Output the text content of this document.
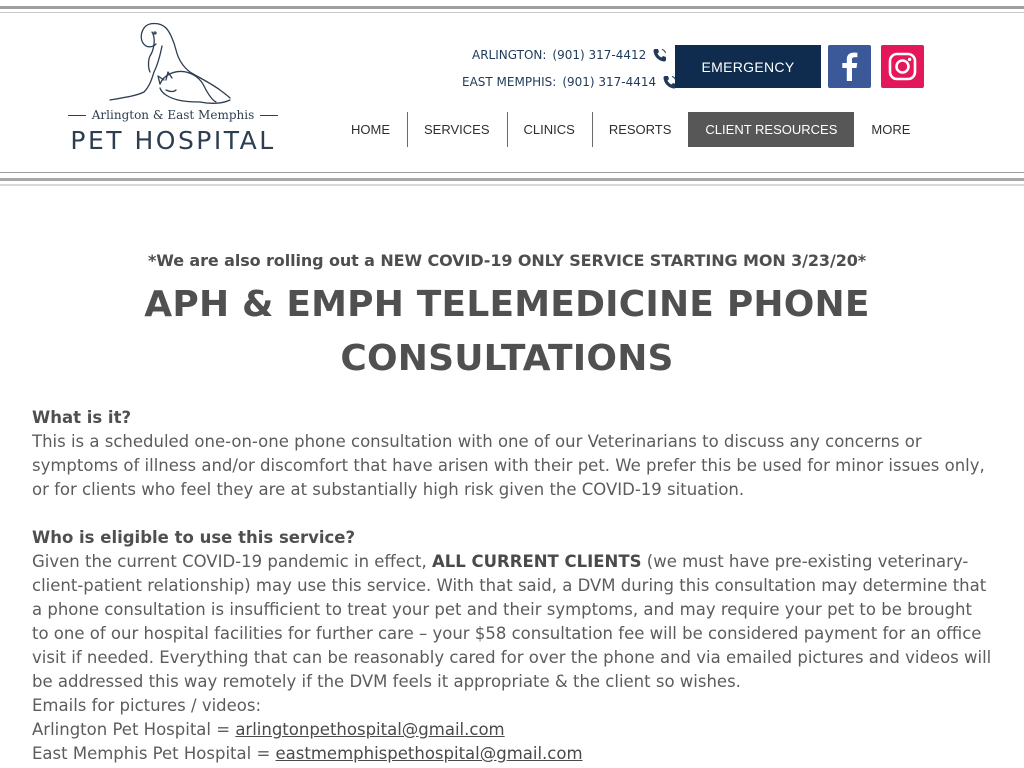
Arlington & East Memphis
PET HOSPITAL
ARLINGTON: (901) 317-4412
EAST MEMPHIS: (901) 317-4414
EMERGENCY
HOME	SERVICES	CLINICS	RESORTS	CLIENT RESOURCES	MORE
*We are also rolling out a NEW COVID-19 ONLY SERVICE STARTING MON 3/23/20*
APH & EMPH TELEMEDICINE PHONE
CONSULTATIONS
What is it?
This is a scheduled one-on-one phone consultation with one of our Veterinarians to discuss any concerns or symptoms of illness and/or discomfort that have arisen with their pet. We prefer this be used for minor issues only, or for clients who feel they are at substantially high risk given the COVID-19 situation.
Who is eligible to use this service?
Given the current COVID-19 pandemic in effect, ALL CURRENT CLIENTS (we must have pre-existing veterinary-client-patient relationship) may use this service. With that said, a DVM during this consultation may determine that a phone consultation is insufficient to treat your pet and their symptoms, and may require your pet to be brought to one of our hospital facilities for further care – your $58 consultation fee will be considered payment for an office visit if needed. Everything that can be reasonably cared for over the phone and via emailed pictures and videos will be addressed this way remotely if the DVM feels it appropriate & the client so wishes.
Emails for pictures / videos:
Arlington Pet Hospital = arlingtonpethospital@gmail.com
East Memphis Pet Hospital = eastmemphispethospital@gmail.com
